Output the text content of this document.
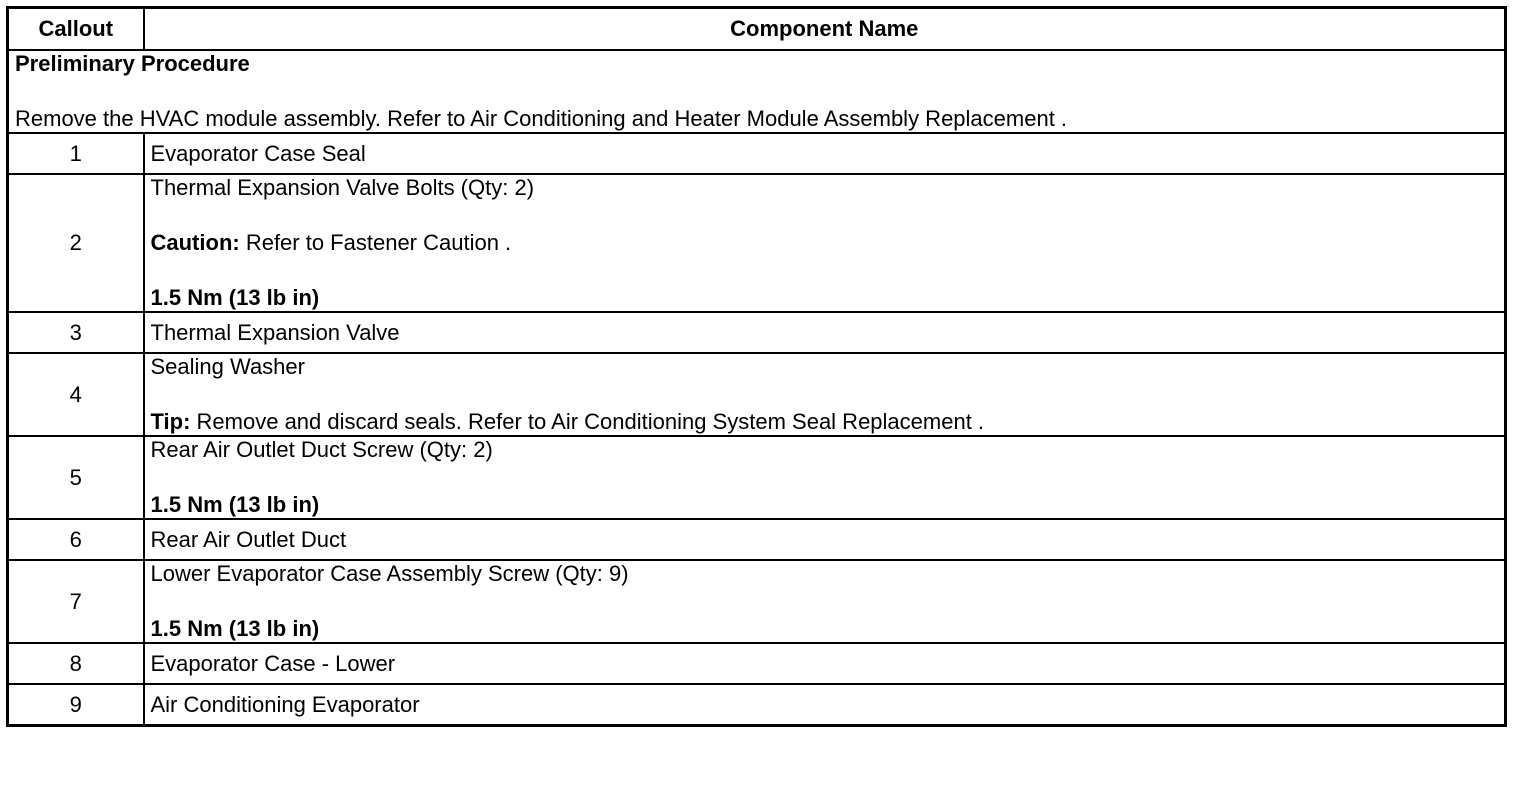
Callout	Component Name

Preliminary Procedure
Remove the HVAC module assembly. Refer to Air Conditioning and Heater Module Assembly Replacement .	

1	Evaporator Case Seal
2	Thermal Expansion Valve Bolts (Qty: 2)
Caution: Refer to Fastener Caution .
1.5 Nm (13 lb in)

3	Thermal Expansion Valve
4	Sealing Washer
Tip: Remove and discard seals. Refer to Air Conditioning System Seal Replacement .

5	Rear Air Outlet Duct Screw (Qty: 2)
1.5 Nm (13 lb in)

6	Rear Air Outlet Duct
7	Lower Evaporator Case Assembly Screw (Qty: 9)
1.5 Nm (13 lb in)

8	Evaporator Case - Lower
9	Air Conditioning Evaporator
